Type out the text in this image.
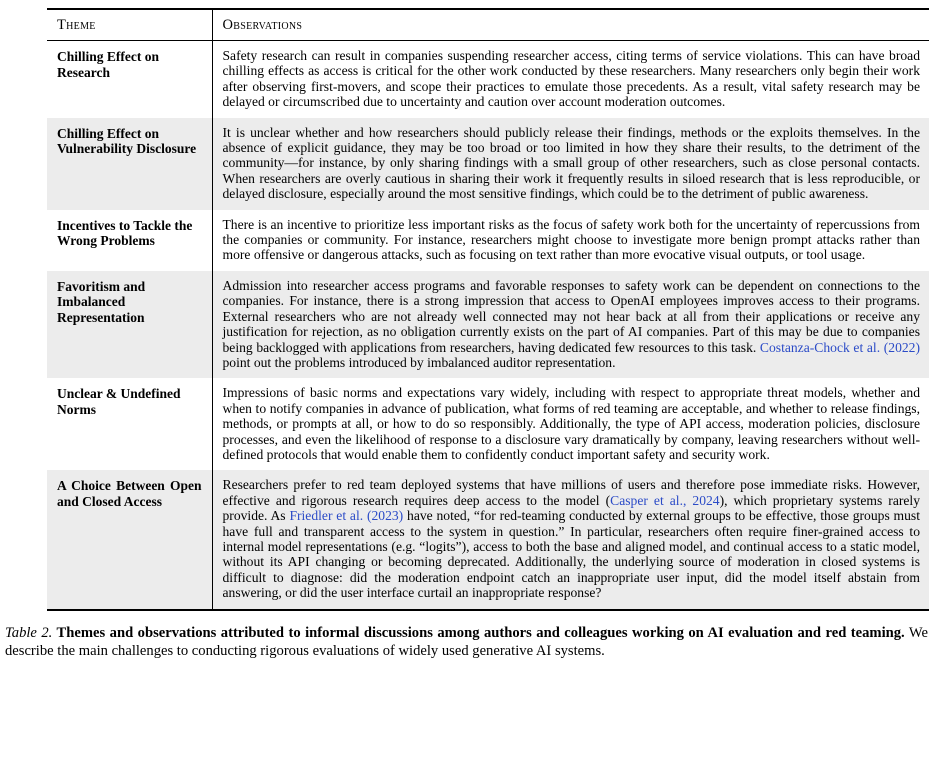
Theme	Observations
Chilling Effect on Research	Safety research can result in companies suspending researcher access, citing terms of service violations. This can have broad chilling effects as access is critical for the other work conducted by these researchers. Many researchers only begin their work after observing first-movers, and scope their practices to emulate those precedents. As a result, vital safety research may be delayed or circumscribed due to uncertainty and caution over account moderation outcomes.
Chilling Effect on Vulnerability Disclosure	It is unclear whether and how researchers should publicly release their findings, methods or the exploits themselves. In the absence of explicit guidance, they may be too broad or too limited in how they share their results, to the detriment of the community—for instance, by only sharing findings with a small group of other researchers, such as close personal contacts. When researchers are overly cautious in sharing their work it frequently results in siloed research that is less reproducible, or delayed disclosure, especially around the most sensitive findings, which could be to the detriment of public awareness.
Incentives to Tackle the Wrong Problems	There is an incentive to prioritize less important risks as the focus of safety work both for the uncertainty of repercussions from the companies or community. For instance, researchers might choose to investigate more benign prompt attacks rather than more offensive or dangerous attacks, such as focusing on text rather than more evocative visual outputs, or tool usage.
Favoritism and Imbalanced Representation	Admission into researcher access programs and favorable responses to safety work can be dependent on connections to the companies. For instance, there is a strong impression that access to OpenAI employees improves access to their programs. External researchers who are not already well connected may not hear back at all from their applications or receive any justification for rejection, as no obligation currently exists on the part of AI companies. Part of this may be due to companies being backlogged with applications from researchers, having dedicated few resources to this task. Costanza-Chock et al. (2022) point out the problems introduced by imbalanced auditor representation.
Unclear & Undefined Norms	Impressions of basic norms and expectations vary widely, including with respect to appropriate threat models, whether and when to notify companies in advance of publication, what forms of red teaming are acceptable, and whether to release findings, methods, or prompts at all, or how to do so responsibly. Additionally, the type of API access, moderation policies, disclosure processes, and even the likelihood of response to a disclosure vary dramatically by company, leaving researchers without well-defined protocols that would enable them to confidently conduct important safety and security work.
A Choice Between Open and Closed Access	Researchers prefer to red team deployed systems that have millions of users and therefore pose immediate risks. However, effective and rigorous research requires deep access to the model (Casper et al., 2024), which proprietary systems rarely provide. As Friedler et al. (2023) have noted, “for red-teaming conducted by external groups to be effective, those groups must have full and transparent access to the system in question.” In particular, researchers often require finer-grained access to internal model representations (e.g. “logits”), access to both the base and aligned model, and continual access to a static model, without its API changing or becoming deprecated. Additionally, the underlying source of moderation in closed systems is difficult to diagnose: did the moderation endpoint catch an inappropriate user input, did the model itself abstain from answering, or did the user interface curtail an inappropriate response?

Table 2. Themes and observations attributed to informal discussions among authors and colleagues working on AI evaluation and red teaming. We describe the main challenges to conducting rigorous evaluations of widely used generative AI systems.
